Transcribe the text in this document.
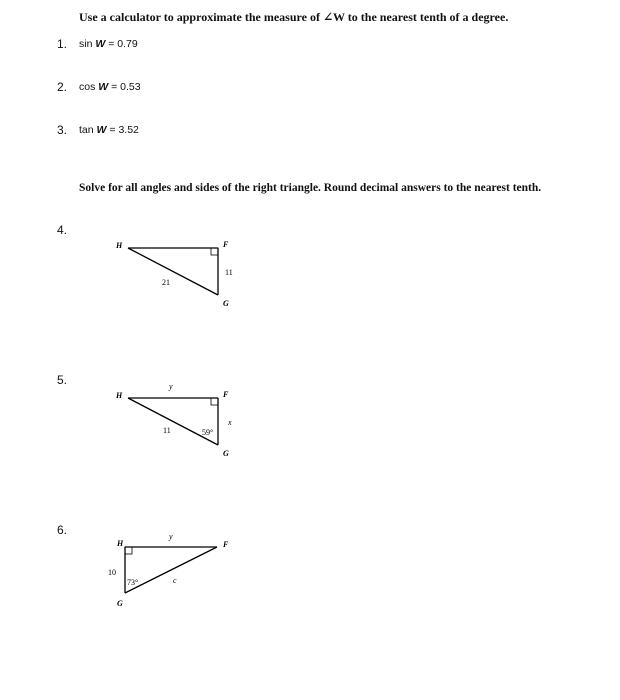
Use a calculator to approximate the measure of ∠W to the nearest tenth of a degree.
1. sin W = 0.79
2. cos W = 0.53
3. tan W = 3.52
Solve for all angles and sides of the right triangle. Round decimal answers to the nearest tenth.
4.
H	F
G
21
11
5.
H	F
G
y
11	59°
x
6.
H	F
G
y
10
73°	c
